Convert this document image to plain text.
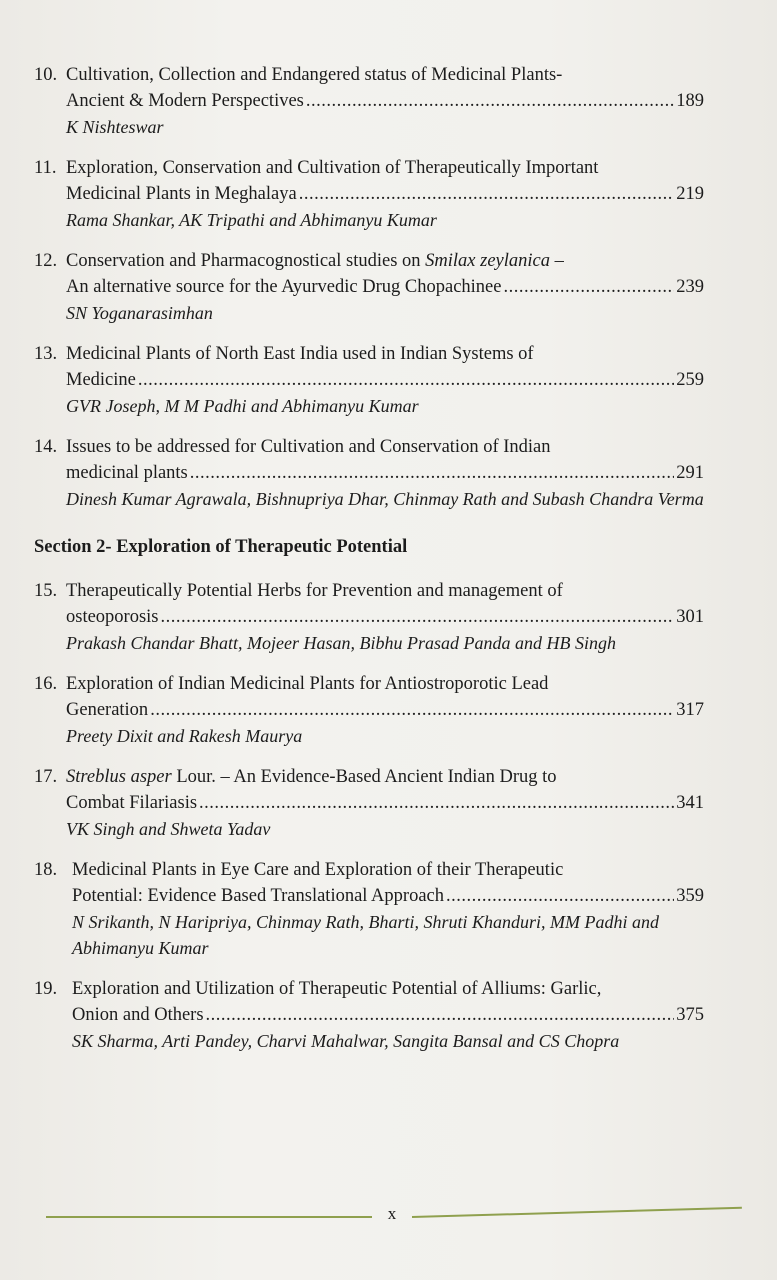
10. Cultivation, Collection and Endangered status of Medicinal Plants-
Ancient & Modern Perspectives .....	189
K Nishteswar
11. Exploration, Conservation and Cultivation of Therapeutically Important
Medicinal Plants in Meghalaya .....	219
Rama Shankar, AK Tripathi and Abhimanyu Kumar
12. Conservation and Pharmacognostical studies on Smilax zeylanica –
An alternative source for the Ayurvedic Drug Chopachinee .....	239
SN Yoganarasimhan
13. Medicinal Plants of North East India used in Indian Systems of
Medicine .....	259
GVR Joseph, M M Padhi and Abhimanyu Kumar
14. Issues to be addressed for Cultivation and Conservation of Indian
medicinal plants .....	291
Dinesh Kumar Agrawala, Bishnupriya Dhar, Chinmay Rath and Subash Chandra Verma
Section 2- Exploration of Therapeutic Potential
15. Therapeutically Potential Herbs for Prevention and management of
osteoporosis .....	301
Prakash Chandar Bhatt, Mojeer Hasan, Bibhu Prasad Panda and HB Singh
16. Exploration of Indian Medicinal Plants for Antiostroporotic Lead
Generation .....	317
Preety Dixit and Rakesh Maurya
17. Streblus asper Lour. – An Evidence-Based Ancient Indian Drug to
Combat Filariasis .....	341
VK Singh and Shweta Yadav
18. Medicinal Plants in Eye Care and Exploration of their Therapeutic
Potential: Evidence Based Translational Approach .....	359
N Srikanth, N Haripriya, Chinmay Rath, Bharti, Shruti Khanduri, MM Padhi and Abhimanyu Kumar
19. Exploration and Utilization of Therapeutic Potential of Alliums: Garlic,
Onion and Others .....	375
SK Sharma, Arti Pandey, Charvi Mahalwar, Sangita Bansal and CS Chopra
x
